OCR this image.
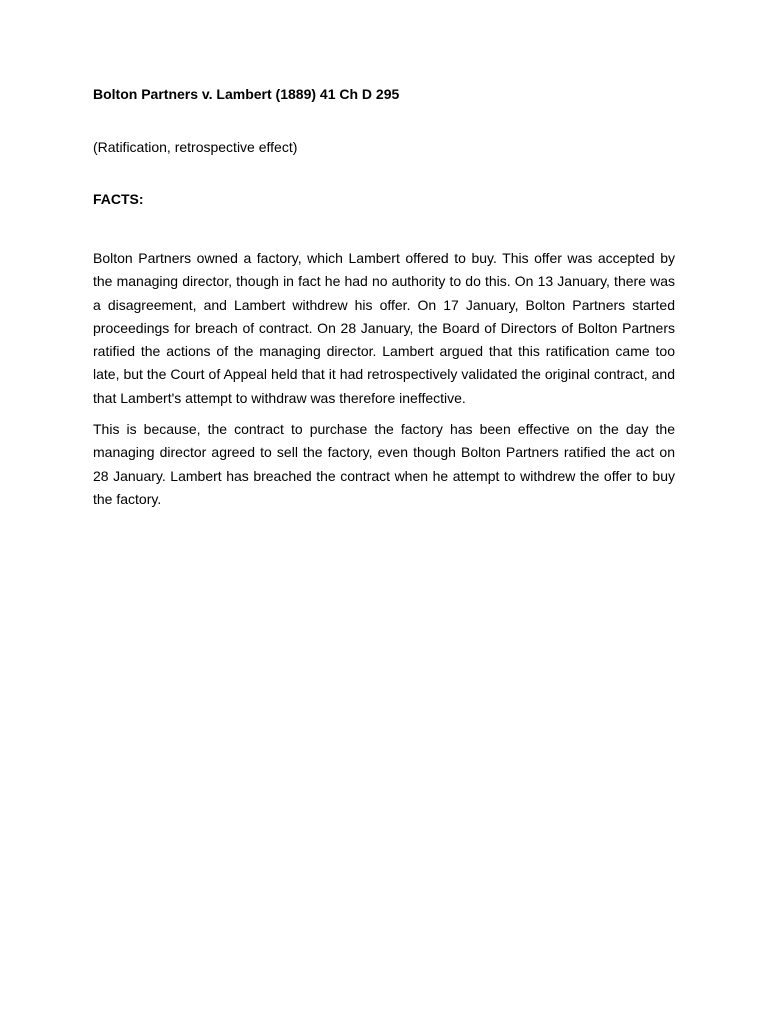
Bolton Partners v. Lambert (1889) 41 Ch D 295

(Ratification, retrospective effect)

FACTS:

Bolton Partners owned a factory, which Lambert offered to buy. This offer was accepted by the managing director, though in fact he had no authority to do this. On 13 January, there was a disagreement, and Lambert withdrew his offer. On 17 January, Bolton Partners started proceedings for breach of contract. On 28 January, the Board of Directors of Bolton Partners ratified the actions of the managing director. Lambert argued that this ratification came too late, but the Court of Appeal held that it had retrospectively validated the original contract, and that Lambert's attempt to withdraw was therefore ineffective.

This is because, the contract to purchase the factory has been effective on the day the managing director agreed to sell the factory, even though Bolton Partners ratified the act on 28 January. Lambert has breached the contract when he attempt to withdrew the offer to buy the factory.
